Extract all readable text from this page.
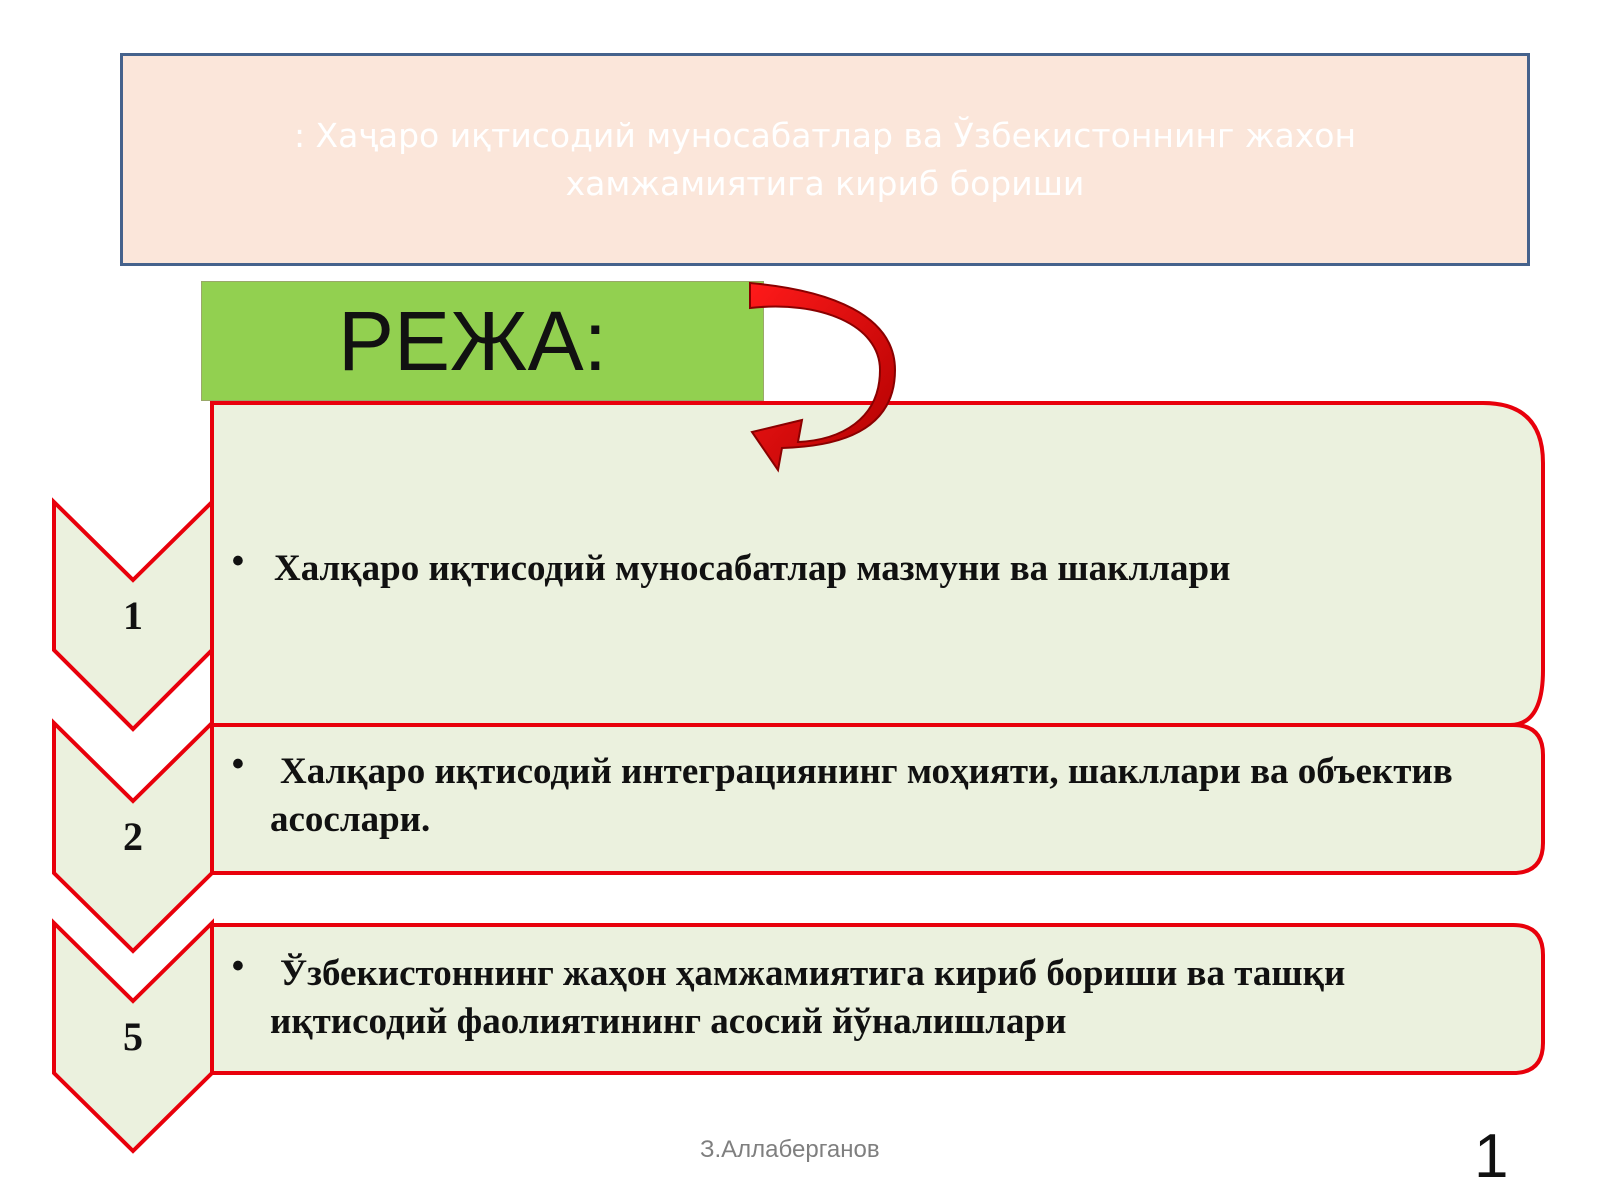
: Хаҷаро иқтисодий муносабатлар ва Ўзбекистоннинг жахон хамжамиятига кириб бориши
РЕЖА:
1
2
5
• Халқаро иқтисодий муносабатлар мазмуни ва шакллари
• Халқаро иқтисодий интеграциянинг моҳияти, шакллари ва объектив асослари.
• Ўзбекистоннинг жаҳон ҳамжамиятига кириб бориши ва ташқи иқтисодий фаолиятининг асосий йўналишлари
З.Аллаберганов	1
